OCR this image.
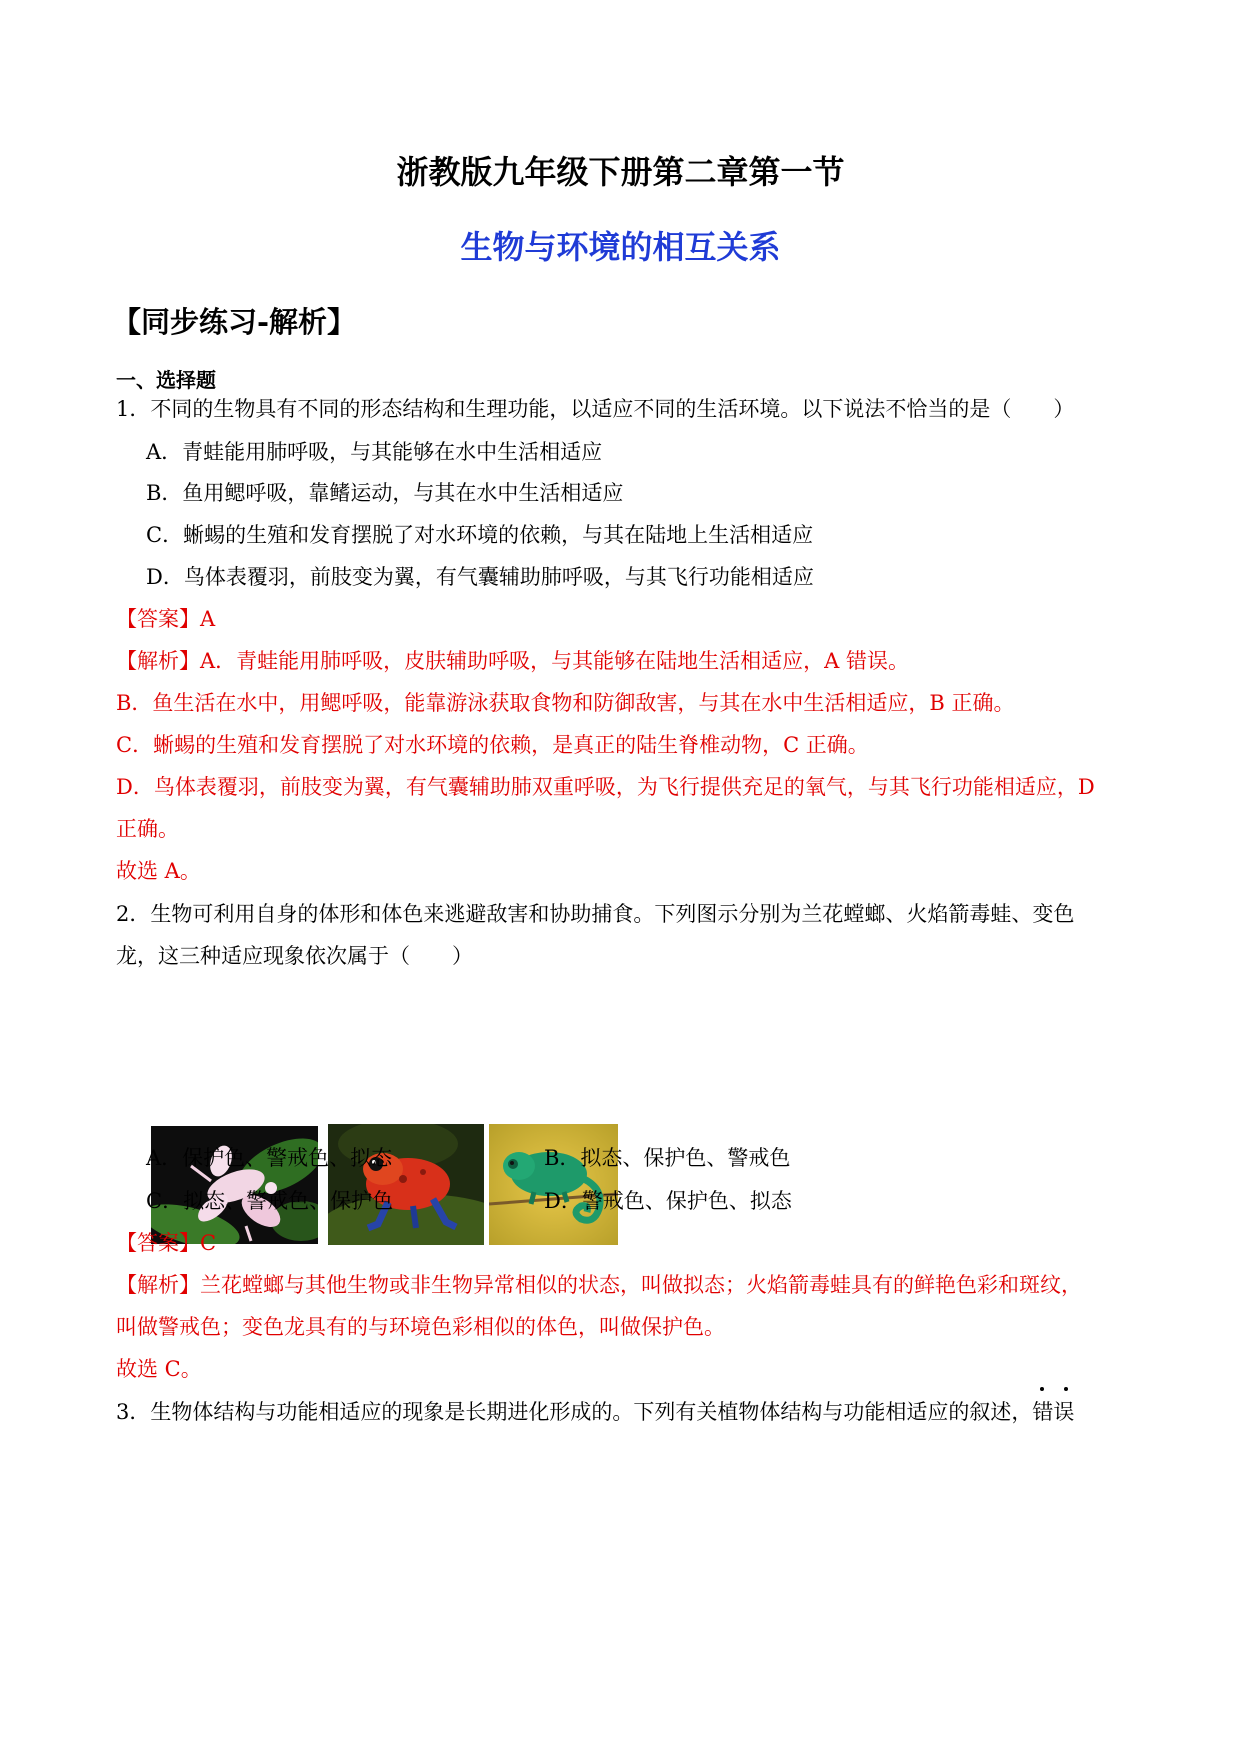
浙教版九年级下册第二章第一节
生物与环境的相互关系
【同步练习-解析】
一、选择题
1．不同的生物具有不同的形态结构和生理功能，以适应不同的生活环境。以下说法不恰当的是（　　）
A．青蛙能用肺呼吸，与其能够在水中生活相适应
B．鱼用鳃呼吸，靠鳍运动，与其在水中生活相适应
C．蜥蜴的生殖和发育摆脱了对水环境的依赖，与其在陆地上生活相适应
D．鸟体表覆羽，前肢变为翼，有气囊辅助肺呼吸，与其飞行功能相适应
【答案】A
【解析】A．青蛙能用肺呼吸，皮肤辅助呼吸，与其能够在陆地生活相适应，A 错误。
B．鱼生活在水中，用鳃呼吸，能靠游泳获取食物和防御敌害，与其在水中生活相适应，B 正确。
C．蜥蜴的生殖和发育摆脱了对水环境的依赖，是真正的陆生脊椎动物，C 正确。
D．鸟体表覆羽，前肢变为翼，有气囊辅助肺双重呼吸，为飞行提供充足的氧气，与其飞行功能相适应，D
正确。
故选 A。
2．生物可利用自身的体形和体色来逃避敌害和协助捕食。下列图示分别为兰花螳螂、火焰箭毒蛙、变色
龙，这三种适应现象依次属于（　　）
A．保护色、警戒色、拟态	B．拟态、保护色、警戒色
C．拟态、警戒色、保护色	D．警戒色、保护色、拟态
【答案】C
【解析】兰花螳螂与其他生物或非生物异常相似的状态，叫做拟态；火焰箭毒蛙具有的鲜艳色彩和斑纹，
叫做警戒色；变色龙具有的与环境色彩相似的体色，叫做保护色。
故选 C。
3．生物体结构与功能相适应的现象是长期进化形成的。下列有关植物体结构与功能相适应的叙述，错误
